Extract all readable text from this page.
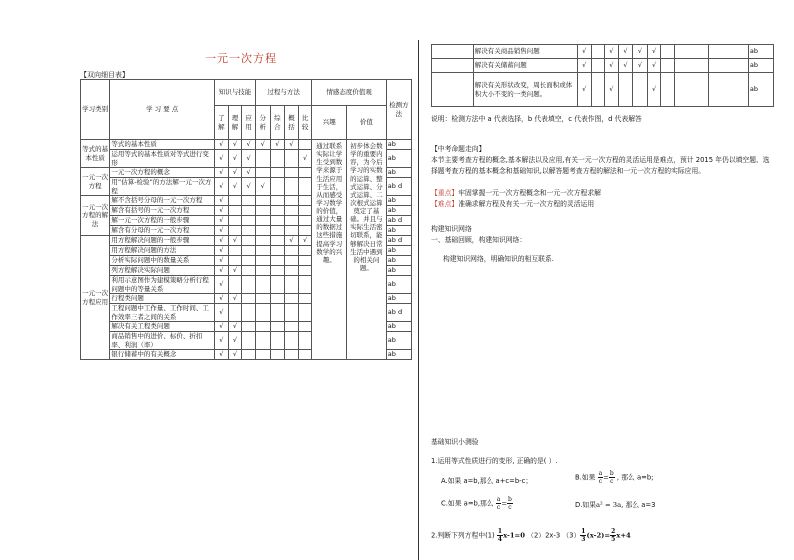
一元一次方程
【双向细目表】
学习类别	学 习 要 点	知识与技能			过程与方法				情感态度价值观		检测方法
		了解	理解	应用	分析	综合	概括	比较	兴趣	价值	
等式的基本性质	等式的基本性质	√	√	√	√	√	√		通过联系实际让学生受到数学来源于生活应用于生活，从而感受学习数学的价值，通过大量的数据过这些措施提高学习数学的兴趣。	初步体会数学的重要内容，为今后学习的实数的运算、整式运算、分式运算、二次根式运算奠定了基础。并且与实际生活密切联系，能够解决日常生活中遇到的相关问题。	ab
	运用等式的基本性质对等式进行变形	√	√	√				√			ab
一元一次方程	一元一次方程的概念	√	√	√							ab
	用“估算-检验”的方法解一元一次方程	√	√	√	√						ab d
一元一次方程的解法	解不含括号分母的一元一次方程	√									ab
	解含有括号的一元一次方程	√									ab
	解一元一次方程的一般步骤	√									ab d
	解含有分母的一元一次方程	√									ab
一元一次方程应用	用方程解决问题的一般步骤	√	√				√	√			ab d
	用方程解决问题的方法	√									ab
	分析实际问题中的数量关系	√									ab
	列方程解决实际问题	√	√								ab
	利用示意图作为建模策略分析行程问题中的等量关系	√									ab
	行程类问题	√	√								ab
	工程问题中工作量、工作时间、工作效率三者之间的关系	√									ab d
	解决有关工程类问题	√	√								ab
	商品销售中的进价、标价、折扣率、利润（率）	√	√								ab
	银行储蓄中的有关概念	√	√								ab
	解决有关商品销售问题	√		√	√	√	√				ab
	解决有关储蓄问题	√		√	√	√	√				ab
	解决有关形状改变，周长面积或体积大小不变的一类问题。	√		√			√				ab
说明：检测方法中 a 代表选择，b 代表填空，c 代表作图，d 代表解答
【中考命题走向】
本节主要考查方程的概念,基本解法以及应用,有关一元一次方程的灵活运用是难点，预计 2015 年仍以填空题、选择题考查方程的基本概念和基础知识,以解答题考查方程的解法和一元一次方程的实际应用。
【重点】牢固掌握一元一次方程概念和一元一次方程求解
【难点】准确求解方程及有关一元一次方程的灵活运用
构建知识网络
一、基础回顾，构建知识网络：
构建知识网络，明确知识的相互联系.
基础知识小测验
1.运用等式性质进行的变形, 正确的是( ）.
A.如果 a=b,那么 a+c=b-c；	B.如果 $\frac{a}{c} = \frac{b}{c}$ , 那么 a=b;
C.如果 a=b,那么 $\frac{a}{c} = \frac{b}{c}$	D.如果a² = 3a, 那么 a=3
2.判断下列方程中$(1) \frac{1}{4} x-1=0$ （2）2x-3 $(3) \frac{1}{3} (x-2)= \frac{2}{5} x+4$
